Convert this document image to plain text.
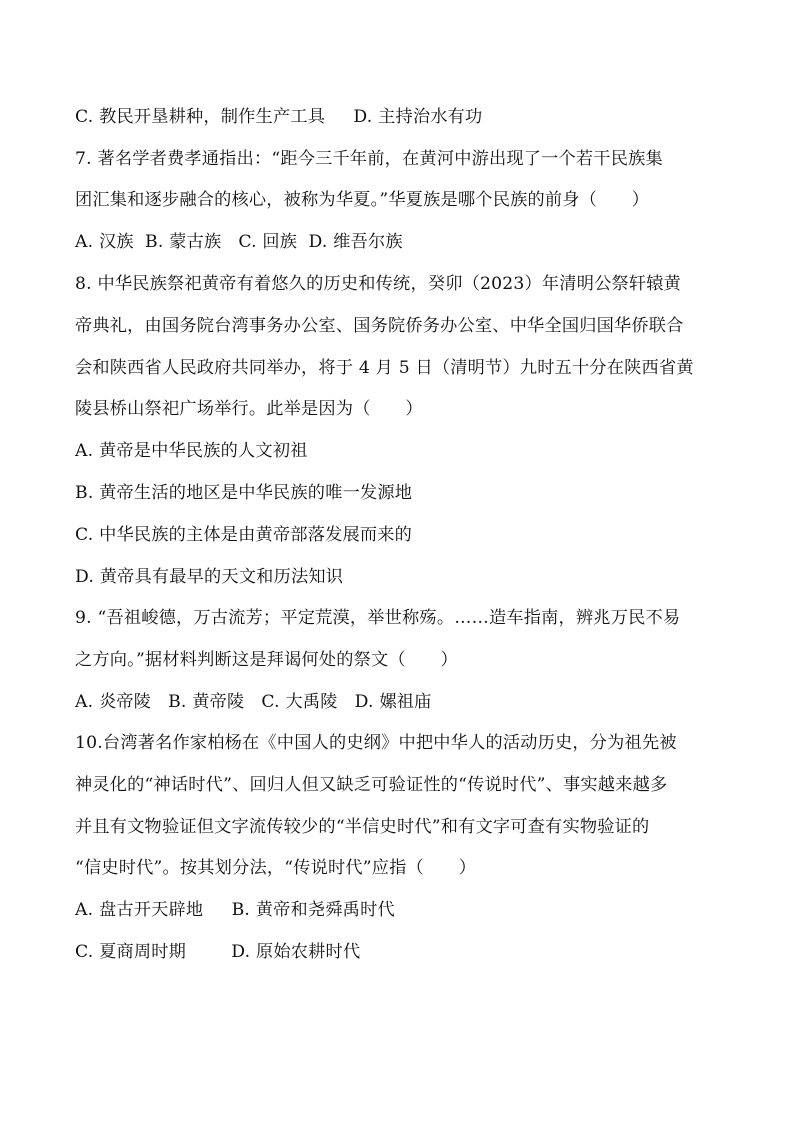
C. 教民开垦耕种，制作生产工具     D. 主持治水有功
7. 著名学者费孝通指出：“距今三千年前，在黄河中游出现了一个若干民族集
团汇集和逐步融合的核心，被称为华夏。”华夏族是哪个民族的前身（　　）
A. 汉族  B. 蒙古族   C. 回族  D. 维吾尔族
8. 中华民族祭祀黄帝有着悠久的历史和传统，癸卯（2023）年清明公祭轩辕黄
帝典礼，由国务院台湾事务办公室、国务院侨务办公室、中华全国归国华侨联合
会和陕西省人民政府共同举办，将于 4 月 5 日（清明节）九时五十分在陕西省黄
陵县桥山祭祀广场举行。此举是因为（　　）
A. 黄帝是中华民族的人文初祖
B. 黄帝生活的地区是中华民族的唯一发源地
C. 中华民族的主体是由黄帝部落发展而来的
D. 黄帝具有最早的天文和历法知识
9. “吾祖峻德，万古流芳；平定荒漠，举世称殇。……造车指南，辨兆万民不易
之方向。”据材料判断这是拜谒何处的祭文（　　）
A. 炎帝陵   B. 黄帝陵   C. 大禹陵   D. 嫘祖庙
10.台湾著名作家柏杨在《中国人的史纲》中把中华人的活动历史，分为祖先被
神灵化的“神话时代”、回归人但又缺乏可验证性的“传说时代”、事实越来越多
并且有文物验证但文字流传较少的“半信史时代”和有文字可查有实物验证的
“信史时代”。按其划分法，“传说时代”应指（　　）
A. 盘古开天辟地     B. 黄帝和尧舜禹时代
C. 夏商周时期        D. 原始农耕时代
